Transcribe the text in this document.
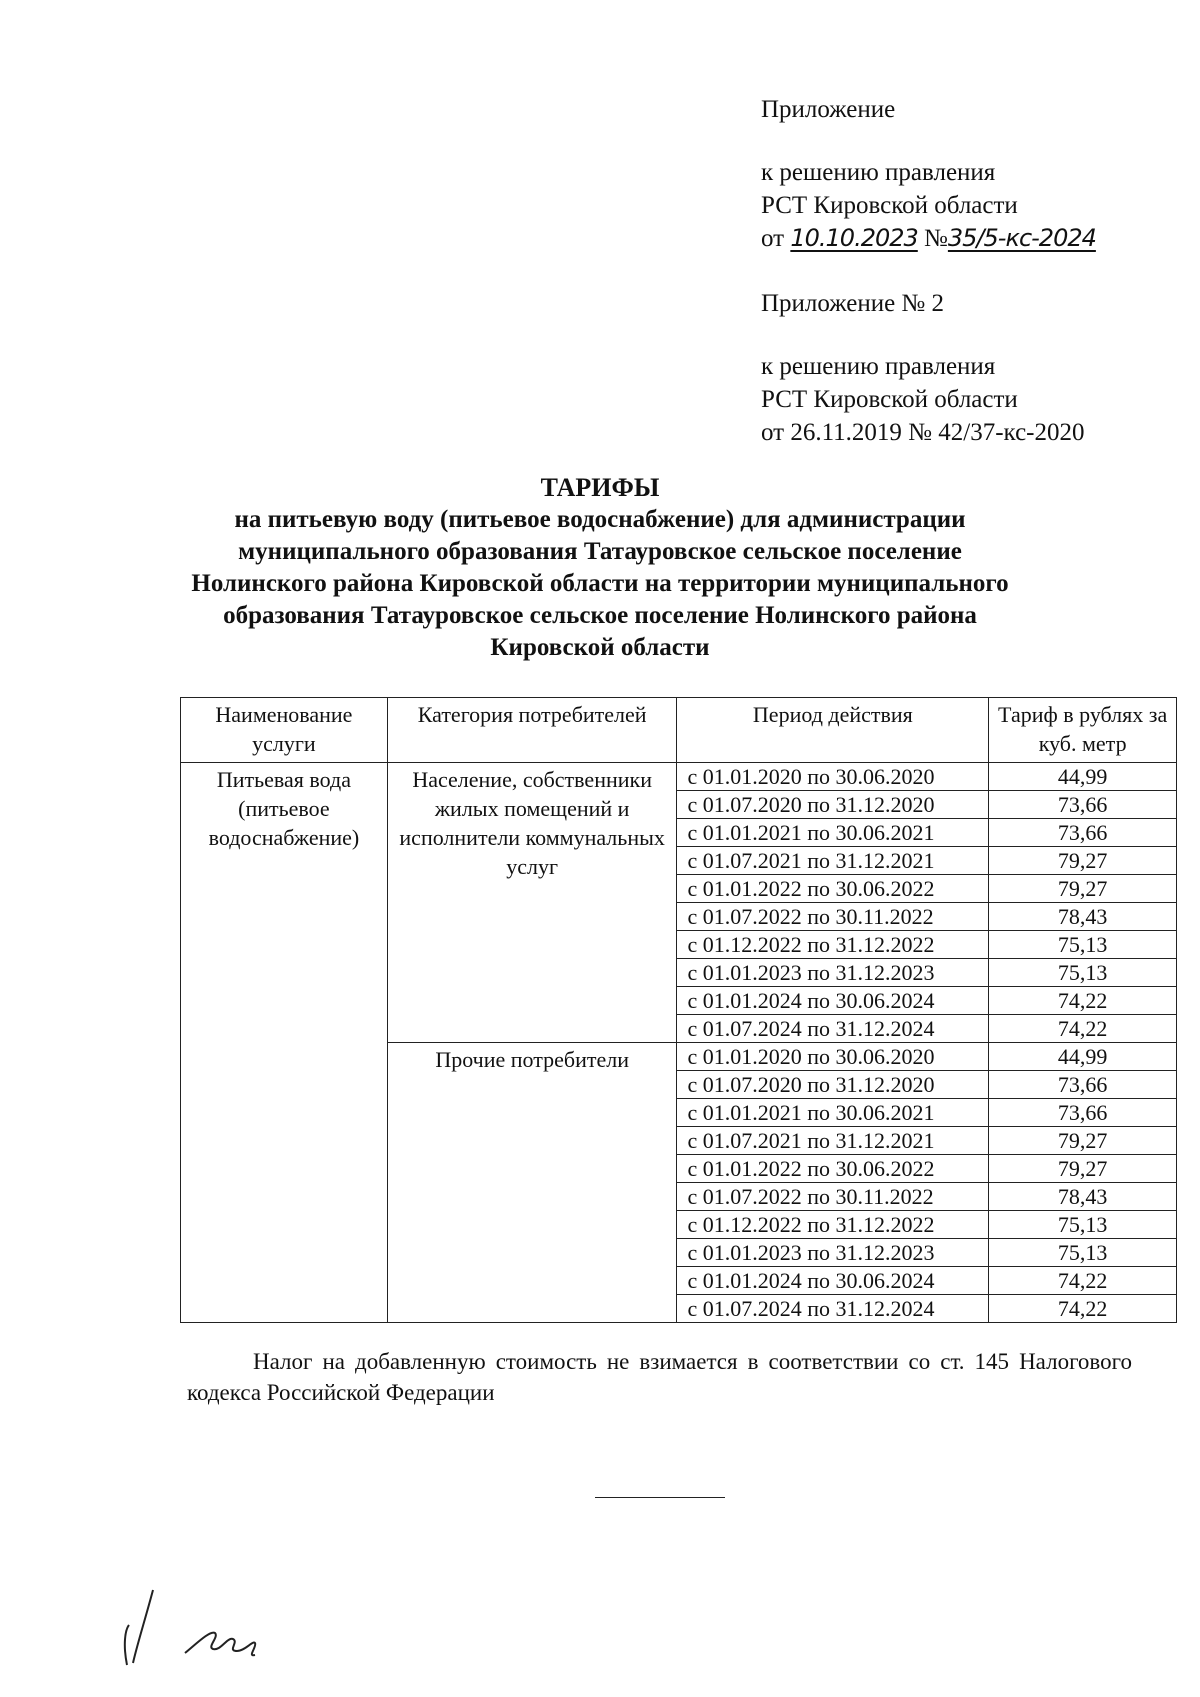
Приложение
к решению правления
РСТ Кировской области
от 10.10.2023 №35/5-кс-2024
Приложение № 2
к решению правления
РСТ Кировской области
от 26.11.2019 № 42/37-кс-2020
ТАРИФЫ
на питьевую воду (питьевое водоснабжение) для администрации
муниципального образования Татауровское сельское поселение
Нолинского района Кировской области на территории муниципального
образования Татауровское сельское поселение Нолинского района
Кировской области
Наименование услуги	Категория потребителей	Период действия	Тариф в рублях за куб. метр
Питьевая вода (питьевое водоснабжение)	Население, собственники жилых помещений и исполнители коммунальных услуг	с 01.01.2020 по 30.06.2020	44,99
		с 01.07.2020 по 31.12.2020	73,66
		с 01.01.2021 по 30.06.2021	73,66
		с 01.07.2021 по 31.12.2021	79,27
		с 01.01.2022 по 30.06.2022	79,27
		с 01.07.2022 по 30.11.2022	78,43
		с 01.12.2022 по 31.12.2022	75,13
		с 01.01.2023 по 31.12.2023	75,13
		с 01.01.2024 по 30.06.2024	74,22
		с 01.07.2024 по 31.12.2024	74,22
	Прочие потребители	с 01.01.2020 по 30.06.2020	44,99
		с 01.07.2020 по 31.12.2020	73,66
		с 01.01.2021 по 30.06.2021	73,66
		с 01.07.2021 по 31.12.2021	79,27
		с 01.01.2022 по 30.06.2022	79,27
		с 01.07.2022 по 30.11.2022	78,43
		с 01.12.2022 по 31.12.2022	75,13
		с 01.01.2023 по 31.12.2023	75,13
		с 01.01.2024 по 30.06.2024	74,22
		с 01.07.2024 по 31.12.2024	74,22
Налог на добавленную стоимость не взимается в соответствии со ст. 145 Налогового кодекса Российской Федерации
